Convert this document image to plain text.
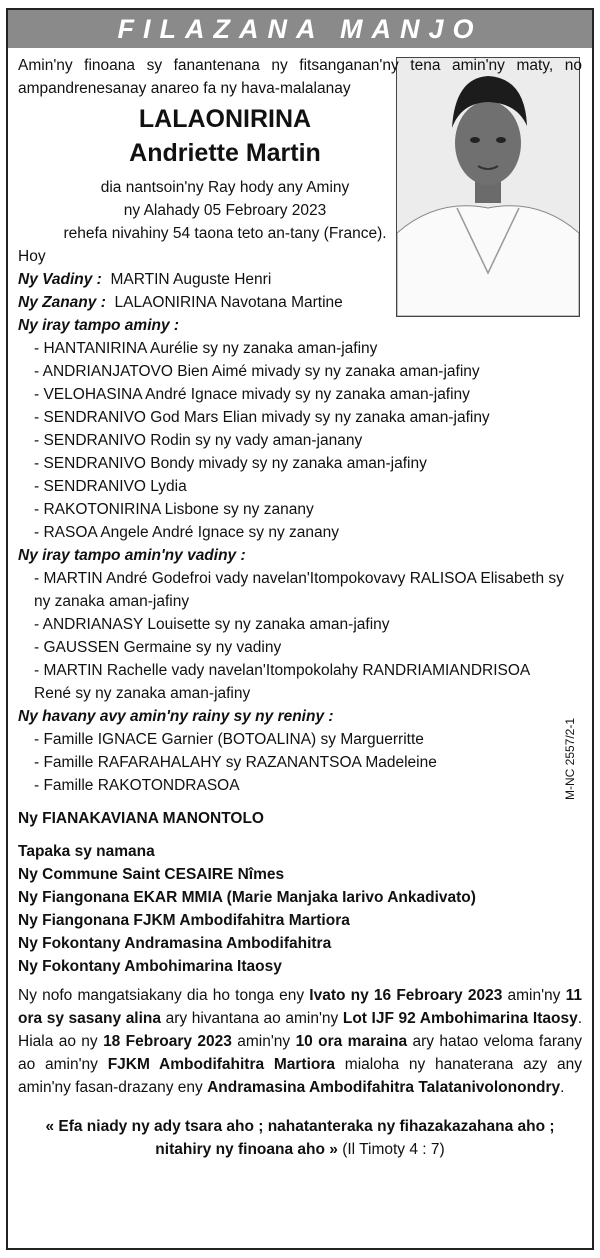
FILAZANA MANJO
M-NC 2557/2-1

Amin'ny finoana sy fanantenana ny fitsanganan'ny tena amin'ny maty, no ampandrenesanay anareo fa ny hava-malalanay

LALAONIRINA
Andriette Martin
dia nantsoin'ny Ray hody any Aminy
ny Alahady 05 Febroary 2023
rehefa nivahiny 54 taona teto an-tany (France).
Hoy
Ny Vadiny : MARTIN Auguste Henri
Ny Zanany : LALAONIRINA Navotana Martine
Ny iray tampo aminy :
- HANTANIRINA Aurélie sy ny zanaka aman-jafiny
- ANDRIANJATOVO Bien Aimé mivady sy ny zanaka aman-jafiny
- VELOHASINA André Ignace mivady sy ny zanaka aman-jafiny
- SENDRANIVO God Mars Elian mivady sy ny zanaka aman-jafiny
- SENDRANIVO Rodin sy ny vady aman-janany
- SENDRANIVO Bondy mivady sy ny zanaka aman-jafiny
- SENDRANIVO Lydia
- RAKOTONIRINA Lisbone sy ny zanany
- RASOA Angele André Ignace sy ny zanany
Ny iray tampo amin'ny vadiny :
- MARTIN André Godefroi vady navelan'Itompokovavy RALISOA Elisabeth sy
ny zanaka aman-jafiny
- ANDRIANASY Louisette sy ny zanaka aman-jafiny
- GAUSSEN Germaine sy ny vadiny
- MARTIN Rachelle vady navelan'Itompokolahy RANDRIAMIANDRISOA
René sy ny zanaka aman-jafiny
Ny havany avy amin'ny rainy sy ny reniny :
- Famille IGNACE Garnier (BOTOALINA) sy Marguerritte
- Famille RAFARAHALAHY sy RAZANANTSOA Madeleine
- Famille RAKOTONDRASOA
Ny FIANAKAVIANA MANONTOLO
Tapaka sy namana
Ny Commune Saint CESAIRE Nîmes
Ny Fiangonana EKAR MMIA (Marie Manjaka Iarivo Ankadivato)
Ny Fiangonana FJKM Ambodifahitra Martiora
Ny Fokontany Andramasina Ambodifahitra
Ny Fokontany Ambohimarina Itaosy

Ny nofo mangatsiakany dia ho tonga eny Ivato ny 16 Febroary 2023 amin'ny 11 ora sy sasany alina ary hivantana ao amin'ny Lot IJF 92 Ambohimarina Itaosy. Hiala ao ny 18 Febroary 2023 amin'ny 10 ora maraina ary hatao veloma farany ao amin'ny FJKM Ambodifahitra Martiora mialoha ny hanaterana azy any amin'ny fasan-drazany eny Andramasina Ambodifahitra Talatanivolonondry.

« Efa niady ny ady tsara aho ; nahatanteraka ny fihazakazahana aho ; nitahiry ny finoana aho » (Il Timoty 4 : 7)
